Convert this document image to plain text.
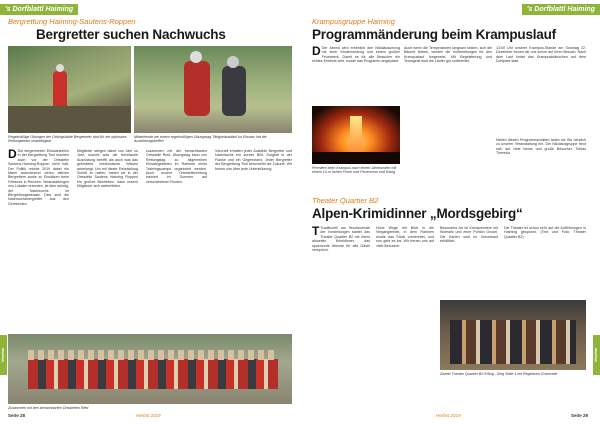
's Dorfblattl Haiming
Bergrettung Haiming-Sautens-Roppen
Bergretter suchen Nachwuchs
Regelmäßige Übungen der Gebirgsbäde Bergetreter sind für ein optimales Rettungsteam unabdingbar
Mitwirkende bei einem regelmäßigen Übungstag Tätigkeitsablauf im Einsatz hat die Ausbildungstreffen
D Die tiergerechten Einsatzstellen in der Bergrettung Tirol machen auch vor der Ortsstelle Sautens-Haiming-Roppen nicht halt. Der Politik reichte 2019 dabei ein Mann ausreichend vielen aktiven Bergrettern sowie zu Einsätzen beim Felssturz in Reichen. Veranstaltungen von Lokalen brannten, ist dies wichtig, der Nachwuchs im Bergrettungseinsatz. Dies sind die Nachwuchsbergretter aus den Gemeinden.
Mitglieder steigen dabei von Jahr zu Jahr, sowohl was die technische Ausrüstung betrifft, als auch was das geforderte medizinische Wissen anbelangt. Um mit dieser Entwicklung Schritt zu halten, haben wir in der Ortsstelle Sautens Haiming Roppen ein großes Bestreben, dass unsere Mitglieder sich weiterbilden.
zusammen mit der benachbarten Ortsstelle Ried. Übungstag kann von Rettungstag zu allgemeinen Einsatzgebieten im Rahmen eines Trainingscamps organisiert werden. Auch unsere Ortsstellenleitung trainiert im Sommer auf verschiedenen Routen.
Vorurteil erhalten jeder Ausbilde Bergretter und Nachwuchs ein kurzes Bild: Sorgfalt in der Flanke und ein Gegenstand. Jeder Bergretter der Bergrettung Tirol beschreibt die Zukunft. Wir freuen uns über jede Unterstützung.
Zusammen mit den benachbarten Ortsstellen Ried
Seite 28	Herbst 2019
Vereine
's Dorfblattl Haiming
Krampusgruppe Haiming
Programmänderung beim Krampuslauf
D Der Abend wird erheblich den Nikolausumzug mit einer Kinderrundzug und einem großen Feuerwerk. Damit es für alle Besucher ein echtes Erlebnis wird, wurde das Programm angepasst.
Auch wenn die Temperaturen langsam sinken, sich die Bäume färben, werden die Vorbereitungen für den Krampuslauf fortgesetzt. Mit Begeisterung und Teamgeist sind die Läufer gut vorbereitet.
13:00 Uhr unserer Krampus-Stande am Sonntag 22. Dezember freuen wir uns schon auf Ihren Besuch. Nach dem Lauf findet das Krampuskränzchen auf dem Dorfplatz statt.
Premiere beim Krampus nach einem Jahrhundert mit einem 14 m hohen Feuer und Feuershow und Klang
Neben diesen Programmpunkten laden wir Sie herzlich zu unserer Veranstaltung ein. Die Nikolausgruppe freut sich auf viele kleine und große Besucher. Tobias Theresia
Theater Quartier B2
Alpen-Krimidinner „Mordsgebirg“
T Traditionell am Wochenende der Vorstellungen startet das Theater Quartier B2 mit ihrem aktuellen Krimidinner, das spannende Abende für alle Gäste verspricht.
Hohe Wege mit Blick in die Vergangenheit, in dem Rahmen wurde das Stück vorbereitet, und nun geht es los. Wir freuen uns auf viele Besucher.
Besondere Art ist Krimipremiere mit Wortwitz und einer Portion Grusel. Die Karten sind im Vorverkauf erhältlich.
Die Theater ist schon sehr auf die Aufführungen in Haiming gespannt. (Text und Foto: Theater Quartier B2)
Zweite Theater Quartier B2 Erfolg - Sieg Seite 1 mit Regiebuch Ensemble
Seite 29
Herbst 2019
Vereine
